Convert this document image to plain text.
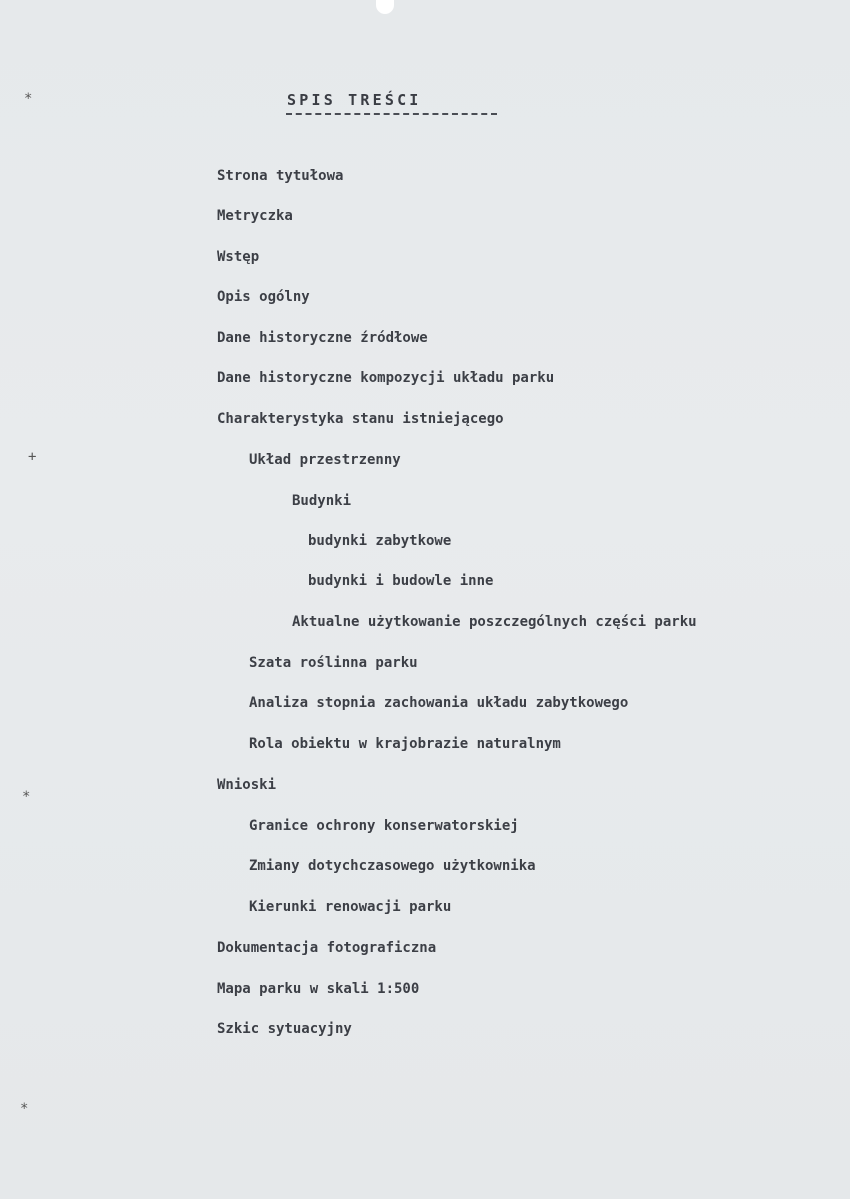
*
+
*
*
SPIS TREŚCI
Strona tytułowa
Metryczka
Wstęp
Opis ogólny
Dane historyczne źródłowe
Dane historyczne kompozycji układu parku
Charakterystyka stanu istniejącego
Układ przestrzenny
Budynki
budynki zabytkowe
budynki i budowle inne
Aktualne użytkowanie poszczególnych części parku
Szata roślinna parku
Analiza stopnia zachowania układu zabytkowego
Rola obiektu w krajobrazie naturalnym
Wnioski
Granice ochrony konserwatorskiej
Zmiany dotychczasowego użytkownika
Kierunki renowacji parku
Dokumentacja fotograficzna
Mapa parku w skali 1:500
Szkic sytuacyjny
